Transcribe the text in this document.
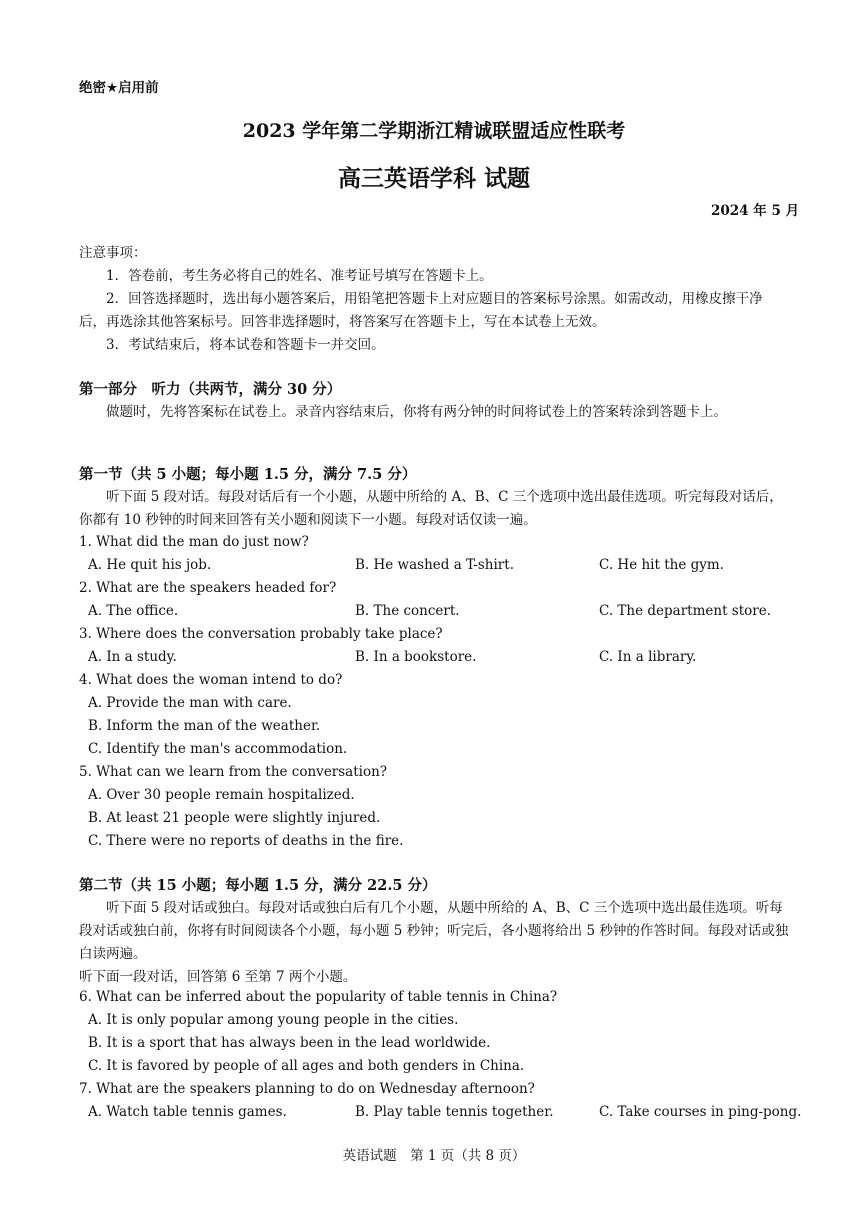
绝密★启用前
2023 学年第二学期浙江精诚联盟适应性联考
高三英语学科 试题
2024 年 5 月
注意事项：
1．答卷前，考生务必将自己的姓名、准考证号填写在答题卡上。
2．回答选择题时，选出每小题答案后，用铅笔把答题卡上对应题目的答案标号涂黑。如需改动，用橡皮擦干净后，再选涂其他答案标号。回答非选择题时，将答案写在答题卡上，写在本试卷上无效。
3．考试结束后，将本试卷和答题卡一并交回。
第一部分　听力（共两节，满分 30 分）
做题时，先将答案标在试卷上。录音内容结束后，你将有两分钟的时间将试卷上的答案转涂到答题卡上。
第一节（共 5 小题；每小题 1.5 分，满分 7.5 分）
听下面 5 段对话。每段对话后有一个小题，从题中所给的 A、B、C 三个选项中选出最佳选项。听完每段对话后，你都有 10 秒钟的时间来回答有关小题和阅读下一小题。每段对话仅读一遍。
1. What did the man do just now?
A. He quit his job.	B. He washed a T-shirt.	C. He hit the gym.
2. What are the speakers headed for?
A. The office.	B. The concert.	C. The department store.
3. Where does the conversation probably take place?
A. In a study.	B. In a bookstore.	C. In a library.
4. What does the woman intend to do?
A. Provide the man with care.
B. Inform the man of the weather.
C. Identify the man's accommodation.
5. What can we learn from the conversation?
A. Over 30 people remain hospitalized.
B. At least 21 people were slightly injured.
C. There were no reports of deaths in the fire.
第二节（共 15 小题；每小题 1.5 分，满分 22.5 分）
听下面 5 段对话或独白。每段对话或独白后有几个小题，从题中所给的 A、B、C 三个选项中选出最佳选项。听每段对话或独白前，你将有时间阅读各个小题，每小题 5 秒钟；听完后，各小题将给出 5 秒钟的作答时间。每段对话或独白读两遍。
听下面一段对话，回答第 6 至第 7 两个小题。
6. What can be inferred about the popularity of table tennis in China?
A. It is only popular among young people in the cities.
B. It is a sport that has always been in the lead worldwide.
C. It is favored by people of all ages and both genders in China.
7. What are the speakers planning to do on Wednesday afternoon?
A. Watch table tennis games.	B. Play table tennis together.	C. Take courses in ping-pong.
英语试题　第 1 页（共 8 页）
